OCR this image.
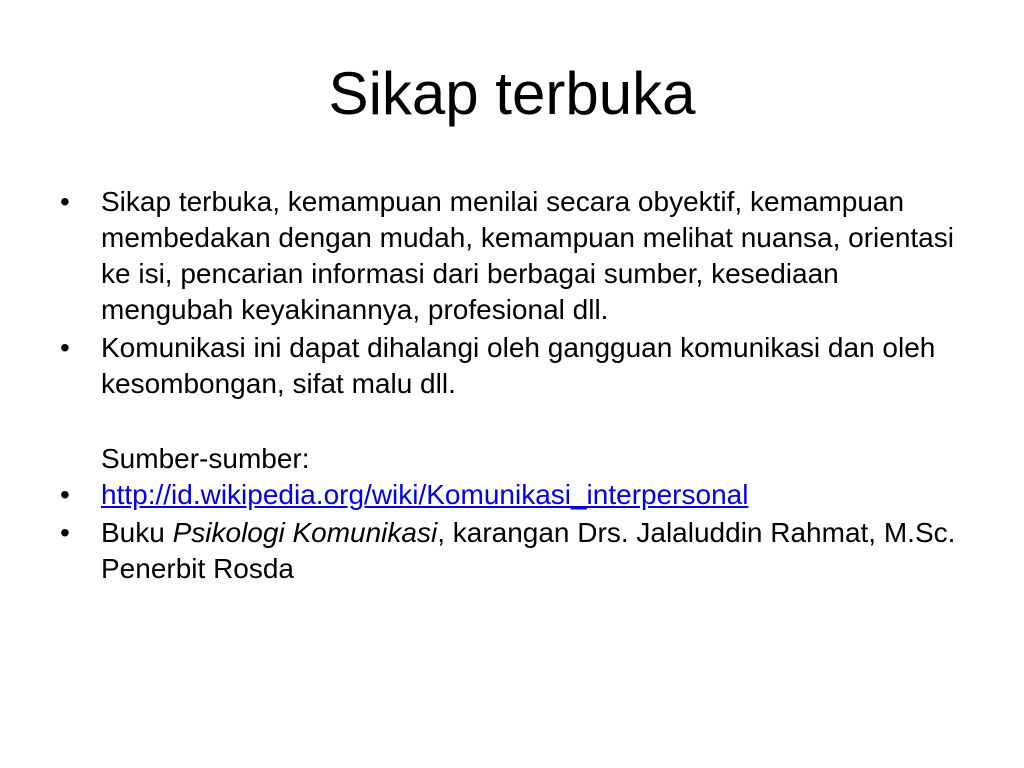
Sikap terbuka
•	Sikap terbuka, kemampuan menilai secara obyektif, kemampuan membedakan dengan mudah, kemampuan melihat nuansa, orientasi ke isi, pencarian informasi dari berbagai sumber, kesediaan mengubah keyakinannya, profesional dll.
•	Komunikasi ini dapat dihalangi oleh gangguan komunikasi dan oleh kesombongan, sifat malu dll.
Sumber-sumber:
•	http://id.wikipedia.org/wiki/Komunikasi_interpersonal
•	Buku Psikologi Komunikasi, karangan Drs. Jalaluddin Rahmat, M.Sc. Penerbit Rosda
